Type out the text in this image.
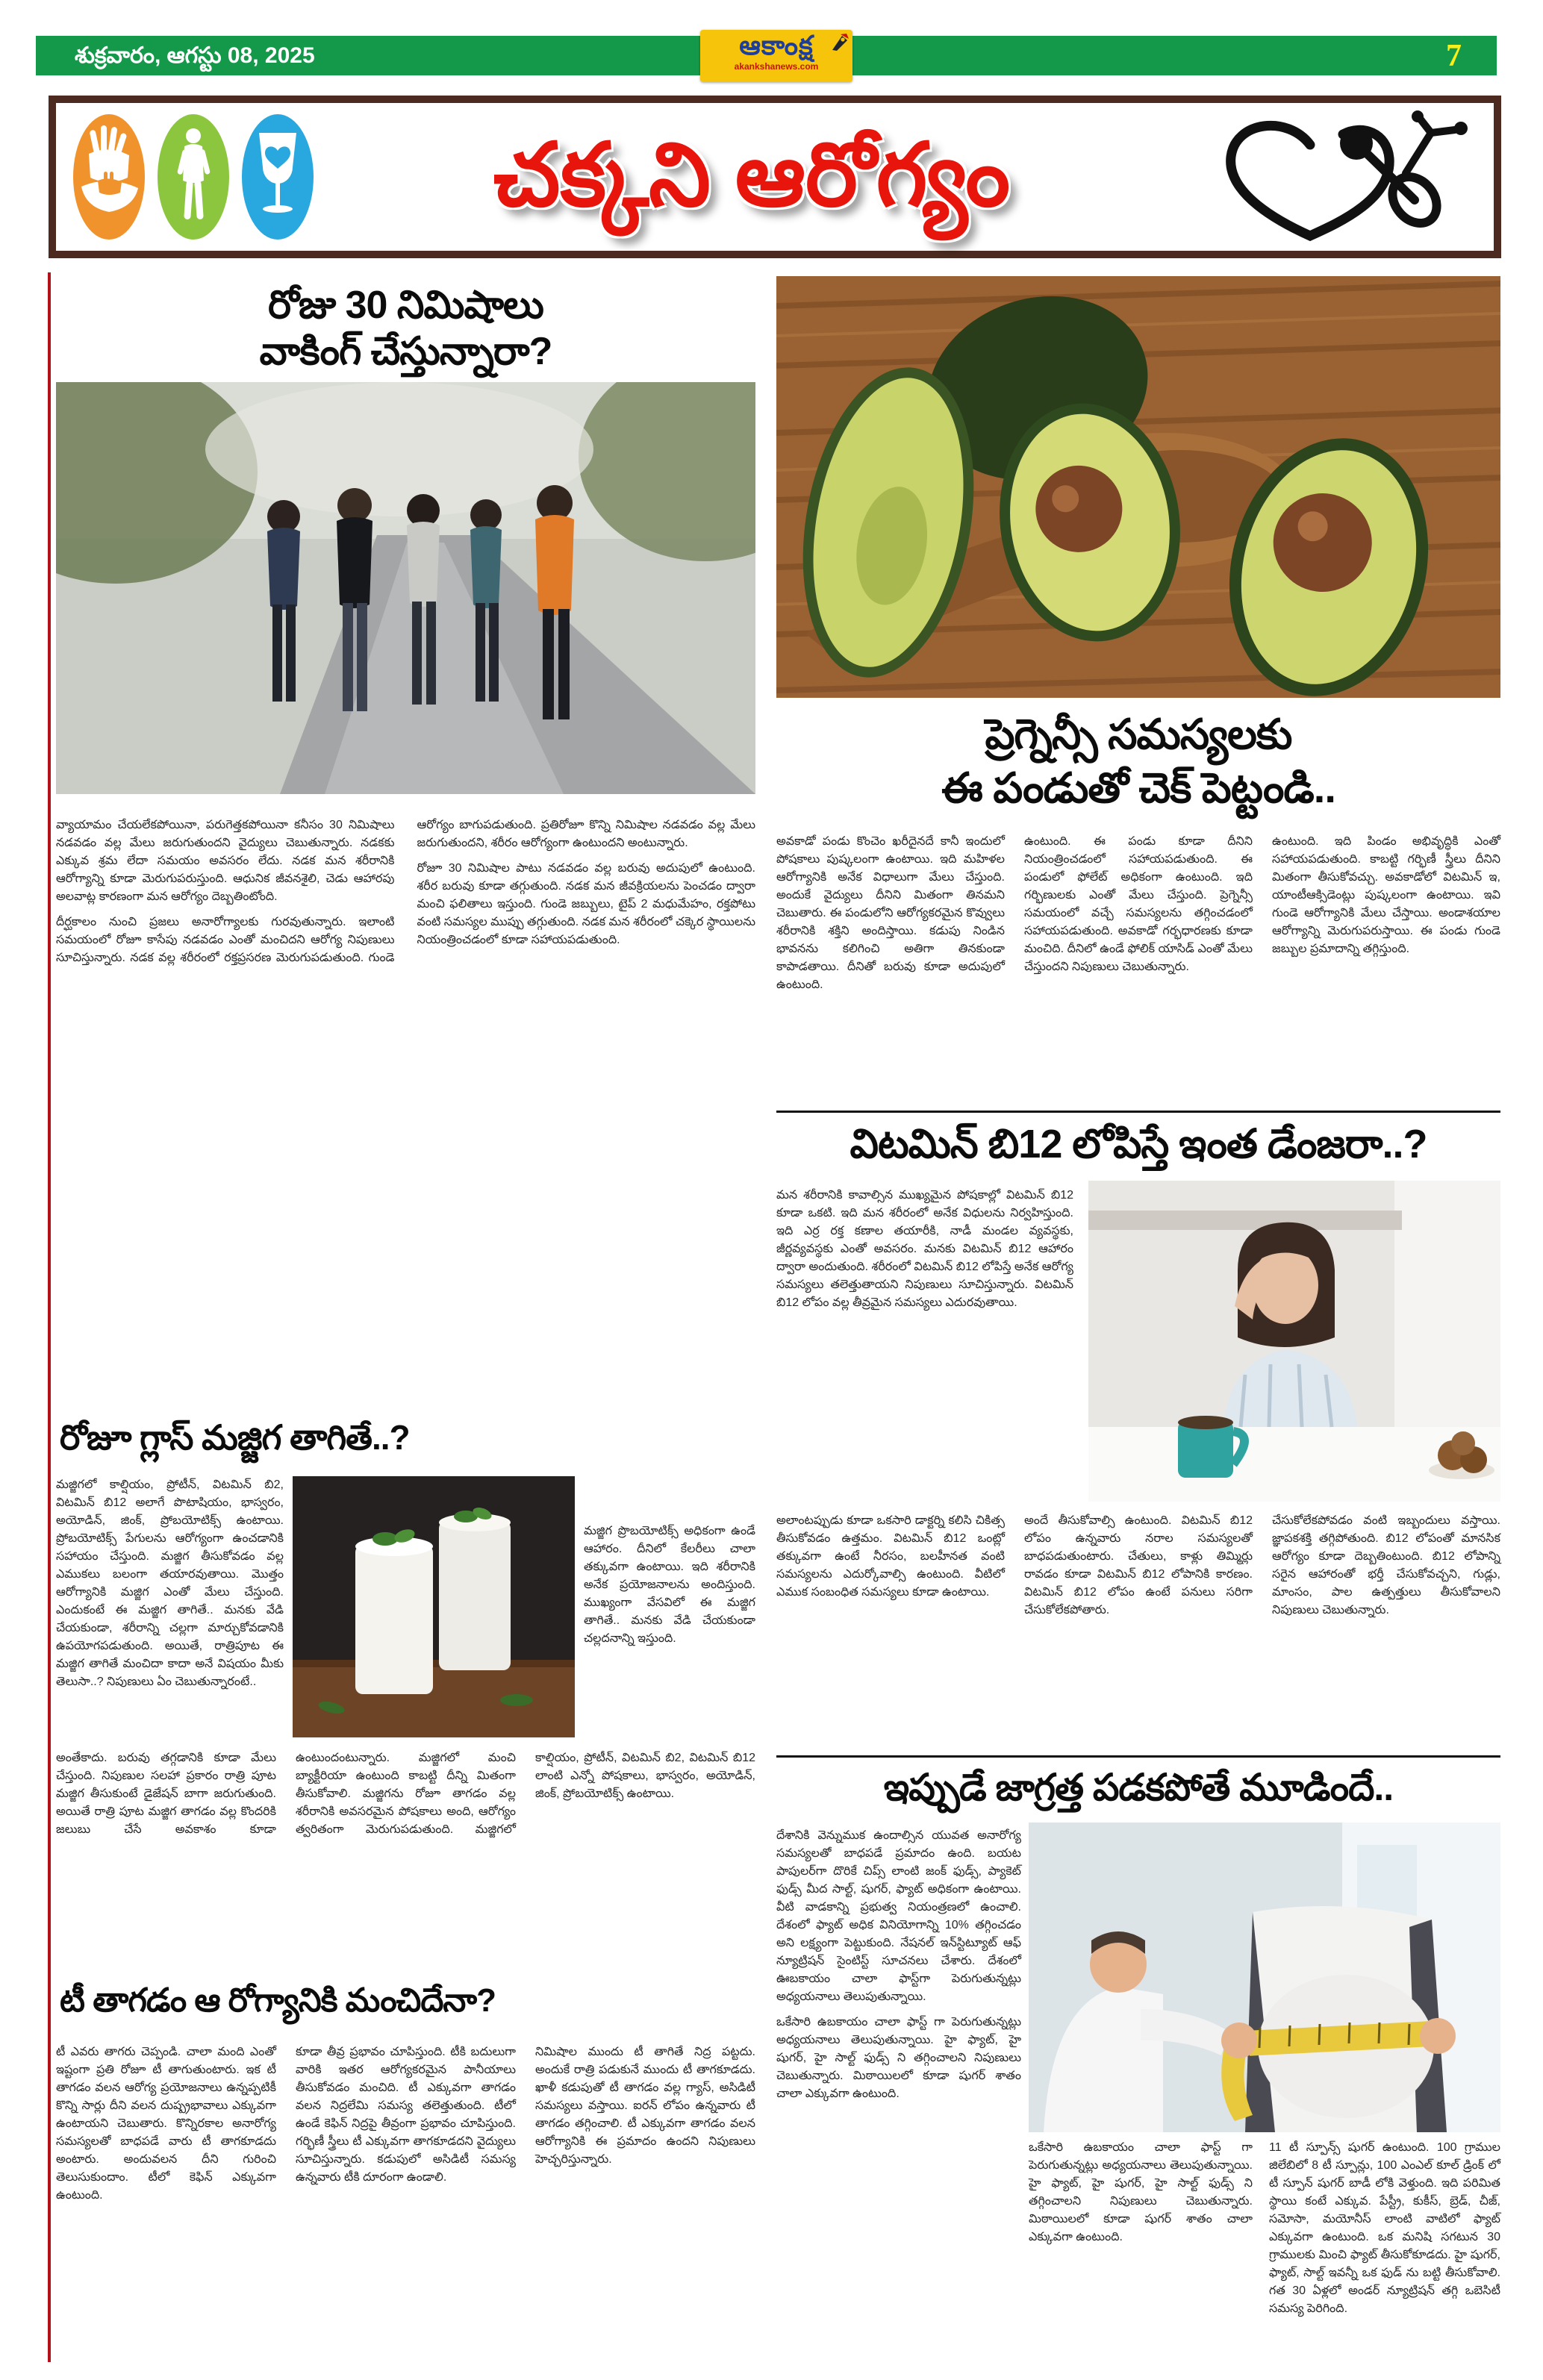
శుక్రవారం, ఆగస్టు 08, 2025	7
ఆకాంక్ష
akankshanews.com
చక్కని ఆరోగ్యం
రోజు 30 నిమిషాలు
వాకింగ్ చేస్తున్నారా?

వ్యాయామం చేయలేకపోయినా, పరుగెత్తకపోయినా కనీసం 30 నిమిషాలు నడవడం వల్ల మేలు జరుగుతుందని వైద్యులు చెబుతున్నారు. నడకకు ఎక్కువ శ్రమ లేదా సమయం అవసరం లేదు. నడక మన శరీరానికి ఆరోగ్యాన్ని కూడా మెరుగుపరుస్తుంది. ఆధునిక జీవనశైలి, చెడు ఆహారపు అలవాట్ల కారణంగా మన ఆరోగ్యం దెబ్బతింటోంది.

దీర్ఘకాలం నుంచి ప్రజలు అనారోగ్యాలకు గురవుతున్నారు. ఇలాంటి సమయంలో రోజూ కాసేపు నడవడం ఎంతో మంచిదని ఆరోగ్య నిపుణులు సూచిస్తున్నారు. నడక వల్ల శరీరంలో రక్తప్రసరణ మెరుగుపడుతుంది. గుండె ఆరోగ్యం బాగుపడుతుంది. ప్రతిరోజూ కొన్ని నిమిషాల నడవడం వల్ల మేలు జరుగుతుందని, శరీరం ఆరోగ్యంగా ఉంటుందని అంటున్నారు.

రోజూ 30 నిమిషాల పాటు నడవడం వల్ల బరువు అదుపులో ఉంటుంది. శరీర బరువు కూడా తగ్గుతుంది. నడక మన జీవక్రియలను పెంచడం ద్వారా మంచి ఫలితాలు ఇస్తుంది. గుండె జబ్బులు, టైప్ 2 మధుమేహం, రక్తపోటు వంటి సమస్యల ముప్పు తగ్గుతుంది. నడక మన శరీరంలో చక్కెర స్థాయిలను నియంత్రించడంలో కూడా సహాయపడుతుంది.

రోజూ గ్లాస్ మజ్జిగ తాగితే..?

మజ్జిగలో కాల్షియం, ప్రోటీన్, విటమిన్ బి2, విటమిన్ బి12 అలాగే పొటాషియం, భాస్వరం, అయోడిన్, జింక్, ప్రోబయోటిక్స్ ఉంటాయి. ప్రోబయోటిక్స్ పేగులను ఆరోగ్యంగా ఉంచడానికి సహాయం చేస్తుంది. మజ్జిగ తీసుకోవడం వల్ల ఎముకలు బలంగా తయారవుతాయి. మొత్తం ఆరోగ్యానికి మజ్జిగ ఎంతో మేలు చేస్తుంది. ఎందుకంటే ఈ మజ్జిగ తాగితే.. మనకు వేడి చేయకుండా, శరీరాన్ని చల్లగా మార్చుకోవడానికి ఉపయోగపడుతుంది. అయితే, రాత్రిపూట ఈ మజ్జిగ తాగితే మంచిదా కాదా అనే విషయం మీకు తెలుసా..? నిపుణులు ఏం చెబుతున్నారంటే..

మజ్జిగ ప్రొబయోటిక్స్ అధికంగా ఉండే ఆహారం. దీనిలో కేలరీలు చాలా తక్కువగా ఉంటాయి. ఇది శరీరానికి అనేక ప్రయోజనాలను అందిస్తుంది. ముఖ్యంగా వేసవిలో ఈ మజ్జిగ తాగితే.. మనకు వేడి చేయకుండా చల్లదనాన్ని ఇస్తుంది.

అంతేకాదు. బరువు తగ్గడానికి కూడా మేలు చేస్తుంది. నిపుణుల సలహా ప్రకారం రాత్రి పూట మజ్జిగ తీసుకుంటే డైజేషన్ బాగా జరుగుతుంది. అయితే రాత్రి పూట మజ్జిగ తాగడం వల్ల కొందరికి జలుబు చేసే అవకాశం కూడా ఉంటుందంటున్నారు. మజ్జిగలో మంచి బ్యాక్టీరియా ఉంటుంది కాబట్టి దీన్ని మితంగా తీసుకోవాలి. మజ్జిగను రోజూ తాగడం వల్ల శరీరానికి అవసరమైన పోషకాలు అంది, ఆరోగ్యం త్వరితంగా మెరుగుపడుతుంది. మజ్జిగలో కాల్షియం, ప్రోటీన్, విటమిన్ బి2, విటమిన్ బి12 లాంటి ఎన్నో పోషకాలు, భాస్వరం, అయోడిన్, జింక్, ప్రోబయోటిక్స్ ఉంటాయి.

టీ తాగడం ఆ రోగ్యానికి మంచిదేనా?

టీ ఎవరు తాగరు చెప్పండి. చాలా మంది ఎంతో ఇష్టంగా ప్రతి రోజూ టీ తాగుతుంటారు. ఇక టీ తాగడం వలన ఆరోగ్య ప్రయోజనాలు ఉన్నప్పటికీ కొన్ని సార్లు దీని వలన దుష్ప్రభావాలు ఎక్కువగా ఉంటాయని చెబుతారు. కొన్నిరకాల అనారోగ్య సమస్యలతో బాధపడే వారు టీ తాగకూడదు అంటారు. అందువలన దీని గురించి తెలుసుకుందాం. టీలో కెఫిన్ ఎక్కువగా ఉంటుంది.

కూడా తీవ్ర ప్రభావం చూపిస్తుంది. టీకి బదులుగా వారికి ఇతర ఆరోగ్యకరమైన పానీయాలు తీసుకోవడం మంచిది. టీ ఎక్కువగా తాగడం వలన నిద్రలేమి సమస్య తలెత్తుతుంది. టీలో ఉండే కెఫిన్ నిద్రపై తీవ్రంగా ప్రభావం చూపిస్తుంది. గర్భిణీ స్త్రీలు టీ ఎక్కువగా తాగకూడదని వైద్యులు సూచిస్తున్నారు. కడుపులో అసిడిటీ సమస్య ఉన్నవారు టీకి దూరంగా ఉండాలి.

నిమిషాల ముందు టీ తాగితే నిద్ర పట్టదు. అందుకే రాత్రి పడుకునే ముందు టీ తాగకూడదు. ఖాళీ కడుపుతో టీ తాగడం వల్ల గ్యాస్, అసిడిటీ సమస్యలు వస్తాయి. ఐరన్ లోపం ఉన్నవారు టీ తాగడం తగ్గించాలి. టీ ఎక్కువగా తాగడం వలన ఆరోగ్యానికి ఈ ప్రమాదం ఉందని నిపుణులు హెచ్చరిస్తున్నారు.

ప్రెగ్నెన్సీ సమస్యలకు
ఈ పండుతో చెక్ పెట్టండి..

అవకాడో పండు కొంచెం ఖరీదైనదే కానీ ఇందులో పోషకాలు పుష్కలంగా ఉంటాయి. ఇది మహిళల ఆరోగ్యానికి అనేక విధాలుగా మేలు చేస్తుంది. అందుకే వైద్యులు దీనిని మితంగా తినమని చెబుతారు. ఈ పండులోని ఆరోగ్యకరమైన కొవ్వులు శరీరానికి శక్తిని అందిస్తాయి. కడుపు నిండిన భావనను కలిగించి అతిగా తినకుండా కాపాడతాయి. దీనితో బరువు కూడా అదుపులో ఉంటుంది.

ఉంటుంది. ఈ పండు కూడా దీనిని నియంత్రించడంలో సహాయపడుతుంది. ఈ పండులో ఫోలేట్ అధికంగా ఉంటుంది. ఇది గర్భిణులకు ఎంతో మేలు చేస్తుంది. ప్రెగ్నెన్సీ సమయంలో వచ్చే సమస్యలను తగ్గించడంలో సహాయపడుతుంది. అవకాడో గర్భధారణకు కూడా మంచిది. దీనిలో ఉండే ఫోలిక్ యాసిడ్ ఎంతో మేలు చేస్తుందని నిపుణులు చెబుతున్నారు.

ఉంటుంది. ఇది పిండం అభివృద్ధికి ఎంతో సహాయపడుతుంది. కాబట్టి గర్భిణీ స్త్రీలు దీనిని మితంగా తీసుకోవచ్చు. అవకాడోలో విటమిన్ ఇ, యాంటీఆక్సిడెంట్లు పుష్కలంగా ఉంటాయి. ఇవి గుండె ఆరోగ్యానికి మేలు చేస్తాయి. అండాశయాల ఆరోగ్యాన్ని మెరుగుపరుస్తాయి. ఈ పండు గుండె జబ్బుల ప్రమాదాన్ని తగ్గిస్తుంది.

విటమిన్ బి12 లోపిస్తే ఇంత డేంజరా..?

మన శరీరానికి కావాల్సిన ముఖ్యమైన పోషకాల్లో విటమిన్ బి12 కూడా ఒకటి. ఇది మన శరీరంలో అనేక విధులను నిర్వహిస్తుంది. ఇది ఎర్ర రక్త కణాల తయారీకి, నాడీ మండల వ్యవస్థకు, జీర్ణవ్యవస్థకు ఎంతో అవసరం. మనకు విటమిన్ బి12 ఆహారం ద్వారా అందుతుంది. శరీరంలో విటమిన్ బి12 లోపిస్తే అనేక ఆరోగ్య సమస్యలు తలెత్తుతాయని నిపుణులు సూచిస్తున్నారు. విటమిన్ బి12 లోపం వల్ల తీవ్రమైన సమస్యలు ఎదురవుతాయి.

అలాంటప్పుడు కూడా ఒకసారి డాక్టర్ని కలిసి చికిత్స తీసుకోవడం ఉత్తమం. విటమిన్ బి12 ఒంట్లో తక్కువగా ఉంటే నీరసం, బలహీనత వంటి సమస్యలను ఎదుర్కోవాల్సి ఉంటుంది. వీటిలో ఎముక సంబంధిత సమస్యలు కూడా ఉంటాయి.

అందే తీసుకోవాల్సి ఉంటుంది. విటమిన్ బి12 లోపం ఉన్నవారు నరాల సమస్యలతో బాధపడుతుంటారు. చేతులు, కాళ్లు తిమ్మిర్లు రావడం కూడా విటమిన్ బి12 లోపానికి కారణం. విటమిన్ బి12 లోపం ఉంటే పనులు సరిగా చేసుకోలేకపోతారు.

చేసుకోలేకపోవడం వంటి ఇబ్బందులు వస్తాయి. జ్ఞాపకశక్తి తగ్గిపోతుంది. బి12 లోపంతో మానసిక ఆరోగ్యం కూడా దెబ్బతింటుంది. బి12 లోపాన్ని సరైన ఆహారంతో భర్తీ చేసుకోవచ్చని, గుడ్లు, మాంసం, పాల ఉత్పత్తులు తీసుకోవాలని నిపుణులు చెబుతున్నారు.

ఇప్పుడే జాగ్రత్త పడకపోతే మూడిందే..

దేశానికి వెన్నుముక ఉందాల్సిన యువత అనారోగ్య సమస్యలతో బాధపడే ప్రమాదం ఉంది. బయట పాపులర్‌గా దొరికే చిప్స్ లాంటి జంక్ ఫుడ్స్, ప్యాకెట్ ఫుడ్స్ మీద సాల్ట్, షుగర్, ఫ్యాట్ అధికంగా ఉంటాయి. వీటి వాడకాన్ని ప్రభుత్వ నియంత్రణలో ఉంచాలి. దేశంలో ఫ్యాట్ అధిక వినియోగాన్ని 10% తగ్గించడం అని లక్ష్యంగా పెట్టుకుంది. నేషనల్ ఇన్‌స్టిట్యూట్ ఆఫ్ న్యూట్రిషన్ సైంటిస్ట్ సూచనలు చేశారు. దేశంలో ఊబకాయం చాలా ఫాస్ట్‌గా పెరుగుతున్నట్లు అధ్యయనాలు తెలుపుతున్నాయి.

ఒకేసారి ఉబకాయం చాలా ఫాస్ట్ గా పెరుగుతున్నట్లు అధ్యయనాలు తెలుపుతున్నాయి. హై ఫ్యాట్, హై షుగర్, హై సాల్ట్ ఫుడ్స్ ని తగ్గించాలని నిపుణులు చెబుతున్నారు. మిఠాయిలలో కూడా షుగర్ శాతం చాలా ఎక్కువగా ఉంటుంది.

ఒకేసారి ఉబకాయం చాలా ఫాస్ట్ గా పెరుగుతున్నట్లు అధ్యయనాలు తెలుపుతున్నాయి. హై ఫ్యాట్, హై షుగర్, హై సాల్ట్ ఫుడ్స్ ని తగ్గించాలని నిపుణులు చెబుతున్నారు. మిఠాయిలలో కూడా షుగర్ శాతం చాలా ఎక్కువగా ఉంటుంది.

11 టీ స్పూన్స్ షుగర్ ఉంటుంది. 100 గ్రాముల జిలేబిలో 8 టీ స్పూన్లు, 100 ఎంఎల్ కూల్ డ్రింక్ లో టీ స్పూన్ షుగర్ బాడీ లోకి వెళ్తుంది. ఇది పరిమిత స్థాయి కంటే ఎక్కువ. పేస్ట్రీ, కుకీస్, బ్రెడ్, చీజ్, సమోసా, మయోనీస్ లాంటి వాటిలో ఫ్యాట్ ఎక్కువగా ఉంటుంది. ఒక మనిషి సగటున 30 గ్రాములకు మించి ఫ్యాట్ తీసుకోకూడదు. హై షుగర్, ఫ్యాట్, సాల్ట్ ఇవన్నీ ఒక ఫుడ్ ను బట్టి తీసుకోవాలి. గత 30 ఏళ్లలో అండర్ న్యూట్రిషన్ తగ్గి ఒబెసిటీ సమస్య పెరిగింది.
